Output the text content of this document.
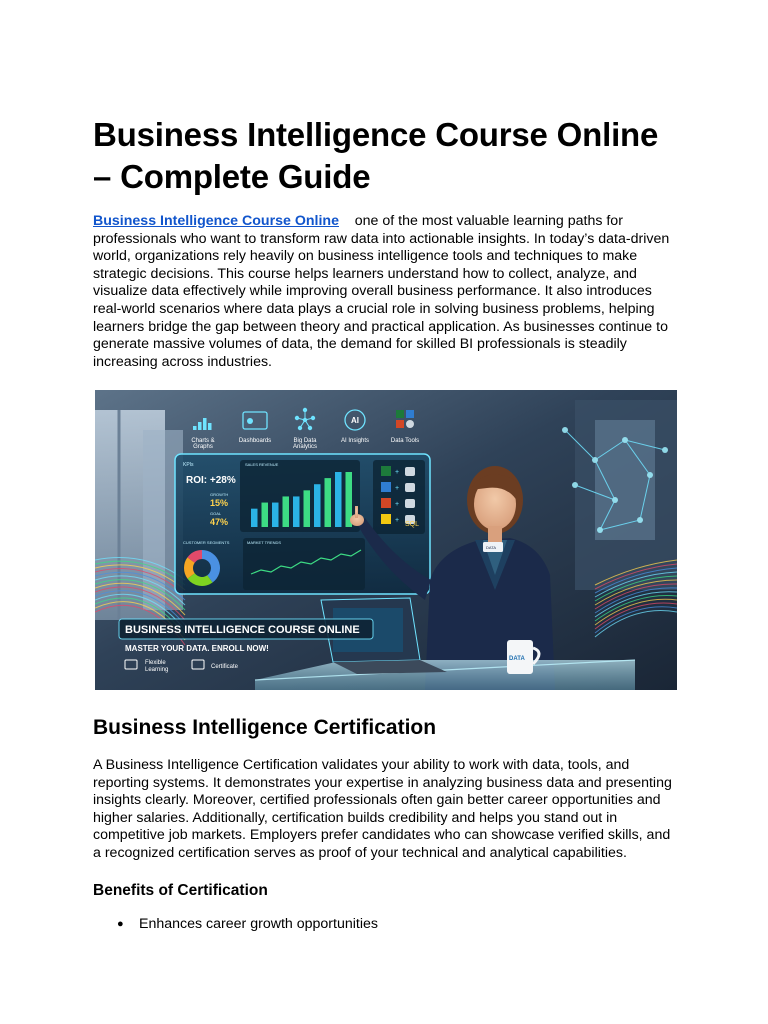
Business Intelligence Course Online – Complete Guide

Business Intelligence Course Online one of the most valuable learning paths for professionals who want to transform raw data into actionable insights. In today’s data-driven world, organizations rely heavily on business intelligence tools and techniques to make strategic decisions. This course helps learners understand how to collect, analyze, and visualize data effectively while improving overall business performance. It also introduces real-world scenarios where data plays a crucial role in solving business problems, helping learners bridge the gap between theory and practical application. As businesses continue to generate massive volumes of data, the demand for skilled BI professionals is steadily increasing across industries.

Charts &
Graphs
Dashboards	Big Data
Analytics
AI
AI Insights	Data Tools
KPIs
ROI: +28%
GROWTH
15%
GOAL
47%
SALES REVENUE
CUSTOMER SEGMENTS	MARKET TRENDS
+
+
+
+
SQL
DATA
DATA
BUSINESS INTELLIGENCE COURSE ONLINE
MASTER YOUR DATA. ENROLL NOW!
Flexible
Learning	Certificate
Business Intelligence Certification

A Business Intelligence Certification validates your ability to work with data, tools, and reporting systems. It demonstrates your expertise in analyzing business data and presenting insights clearly. Moreover, certified professionals often gain better career opportunities and higher salaries. Additionally, certification builds credibility and helps you stand out in competitive job markets. Employers prefer candidates who can showcase verified skills, and a recognized certification serves as proof of your technical and analytical capabilities.

Benefits of Certification
● Enhances career growth opportunities
